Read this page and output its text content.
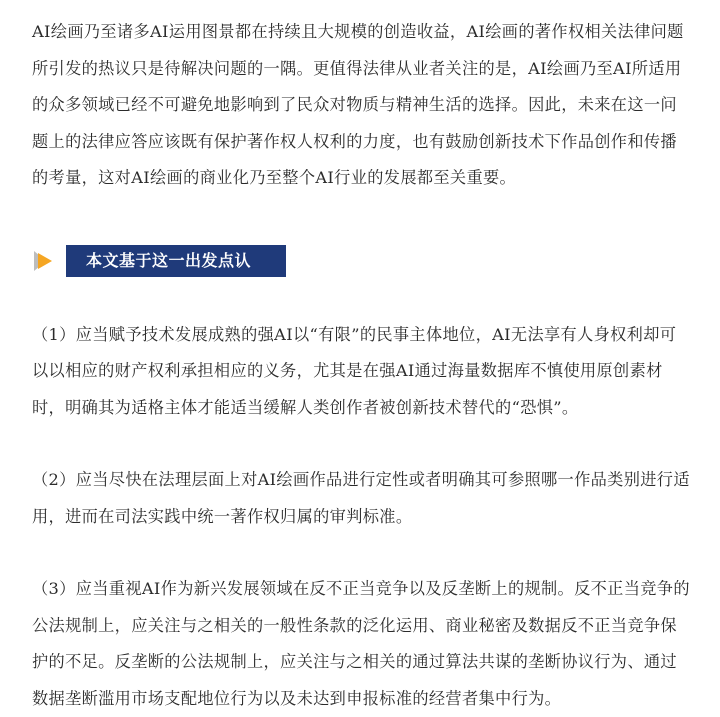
AI绘画乃至诸多AI运用图景都在持续且大规模的创造收益，AI绘画的著作权相关法律问题
所引发的热议只是待解决问题的一隅。更值得法律从业者关注的是，AI绘画乃至AI所适用
的众多领域已经不可避免地影响到了民众对物质与精神生活的选择。因此，未来在这一问
题上的法律应答应该既有保护著作权人权利的力度，也有鼓励创新技术下作品创作和传播
的考量，这对AI绘画的商业化乃至整个AI行业的发展都至关重要。

本文基于这一出发点认为

（1）应当赋予技术发展成熟的强AI以“有限”的民事主体地位，AI无法享有人身权利却可
以以相应的财产权利承担相应的义务，尤其是在强AI通过海量数据库不慎使用原创素材
时，明确其为适格主体才能适当缓解人类创作者被创新技术替代的“恐惧”。

（2）应当尽快在法理层面上对AI绘画作品进行定性或者明确其可参照哪一作品类别进行适
用，进而在司法实践中统一著作权归属的审判标准。

（3）应当重视AI作为新兴发展领域在反不正当竞争以及反垄断上的规制。反不正当竞争的
公法规制上，应关注与之相关的一般性条款的泛化运用、商业秘密及数据反不正当竞争保
护的不足。反垄断的公法规制上，应关注与之相关的通过算法共谋的垄断协议行为、通过
数据垄断滥用市场支配地位行为以及未达到申报标准的经营者集中行为。
